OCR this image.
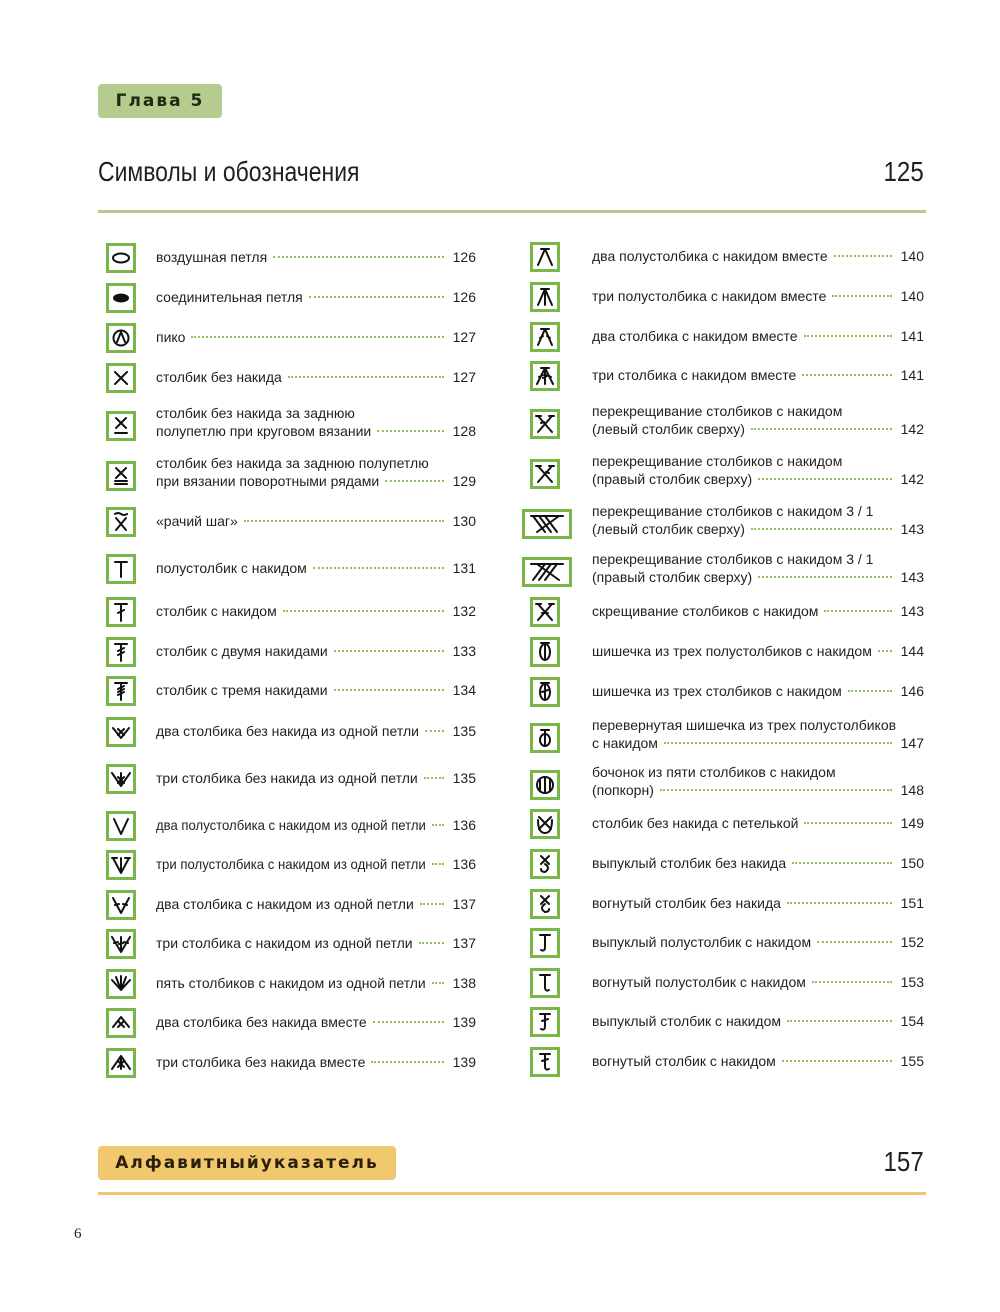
Глава 5
Символы и обозначения	125
воздушная петля	126
соединительная петля	126
пико	127
столбик без накида	127
столбик без накида за заднюю
полупетлю при круговом вязании	128
столбик без накида за заднюю полупетлю
при вязании поворотными рядами	129
«рачий шаг»	130
полустолбик с накидом	131
столбик с накидом	132
столбик с двумя накидами	133
столбик с тремя накидами	134
два столбика без накида из одной петли 135
три столбика без накида из одной петли 135
два полустолбика с накидом из одной петли 136
три полустолбика с накидом из одной петли 136
два столбика с накидом из одной петли	137
три столбика с накидом из одной петли	137
пять столбиков с накидом из одной петли 138
два столбика без накида вместе	139
три столбика без накида вместе	139
два полустолбика с накидом вместе	140
три полустолбика с накидом вместе	140
два столбика с накидом вместе	141
три столбика с накидом вместе	141
перекрещивание столбиков с накидом
(левый столбик сверху)	142
перекрещивание столбиков с накидом
(правый столбик сверху)	142
перекрещивание столбиков с накидом 3 / 1
(левый столбик сверху)	143
перекрещивание столбиков с накидом 3 / 1
(правый столбик сверху)	143
скрещивание столбиков с накидом	143
шишечка из трех полустолбиков с накидом 144
шишечка из трех столбиков с накидом	146
перевернутая шишечка из трех полустолбиков
с накидом	147
бочонок из пяти столбиков с накидом
(попкорн)	148
столбик без накида с петелькой	149
выпуклый столбик без накида	150
вогнутый столбик без накида	151
выпуклый полустолбик с накидом	152
вогнутый полустолбик с накидом	153
выпуклый столбик с накидом	154
вогнутый столбик с накидом	155
Алфавитныйуказатель	157
6
